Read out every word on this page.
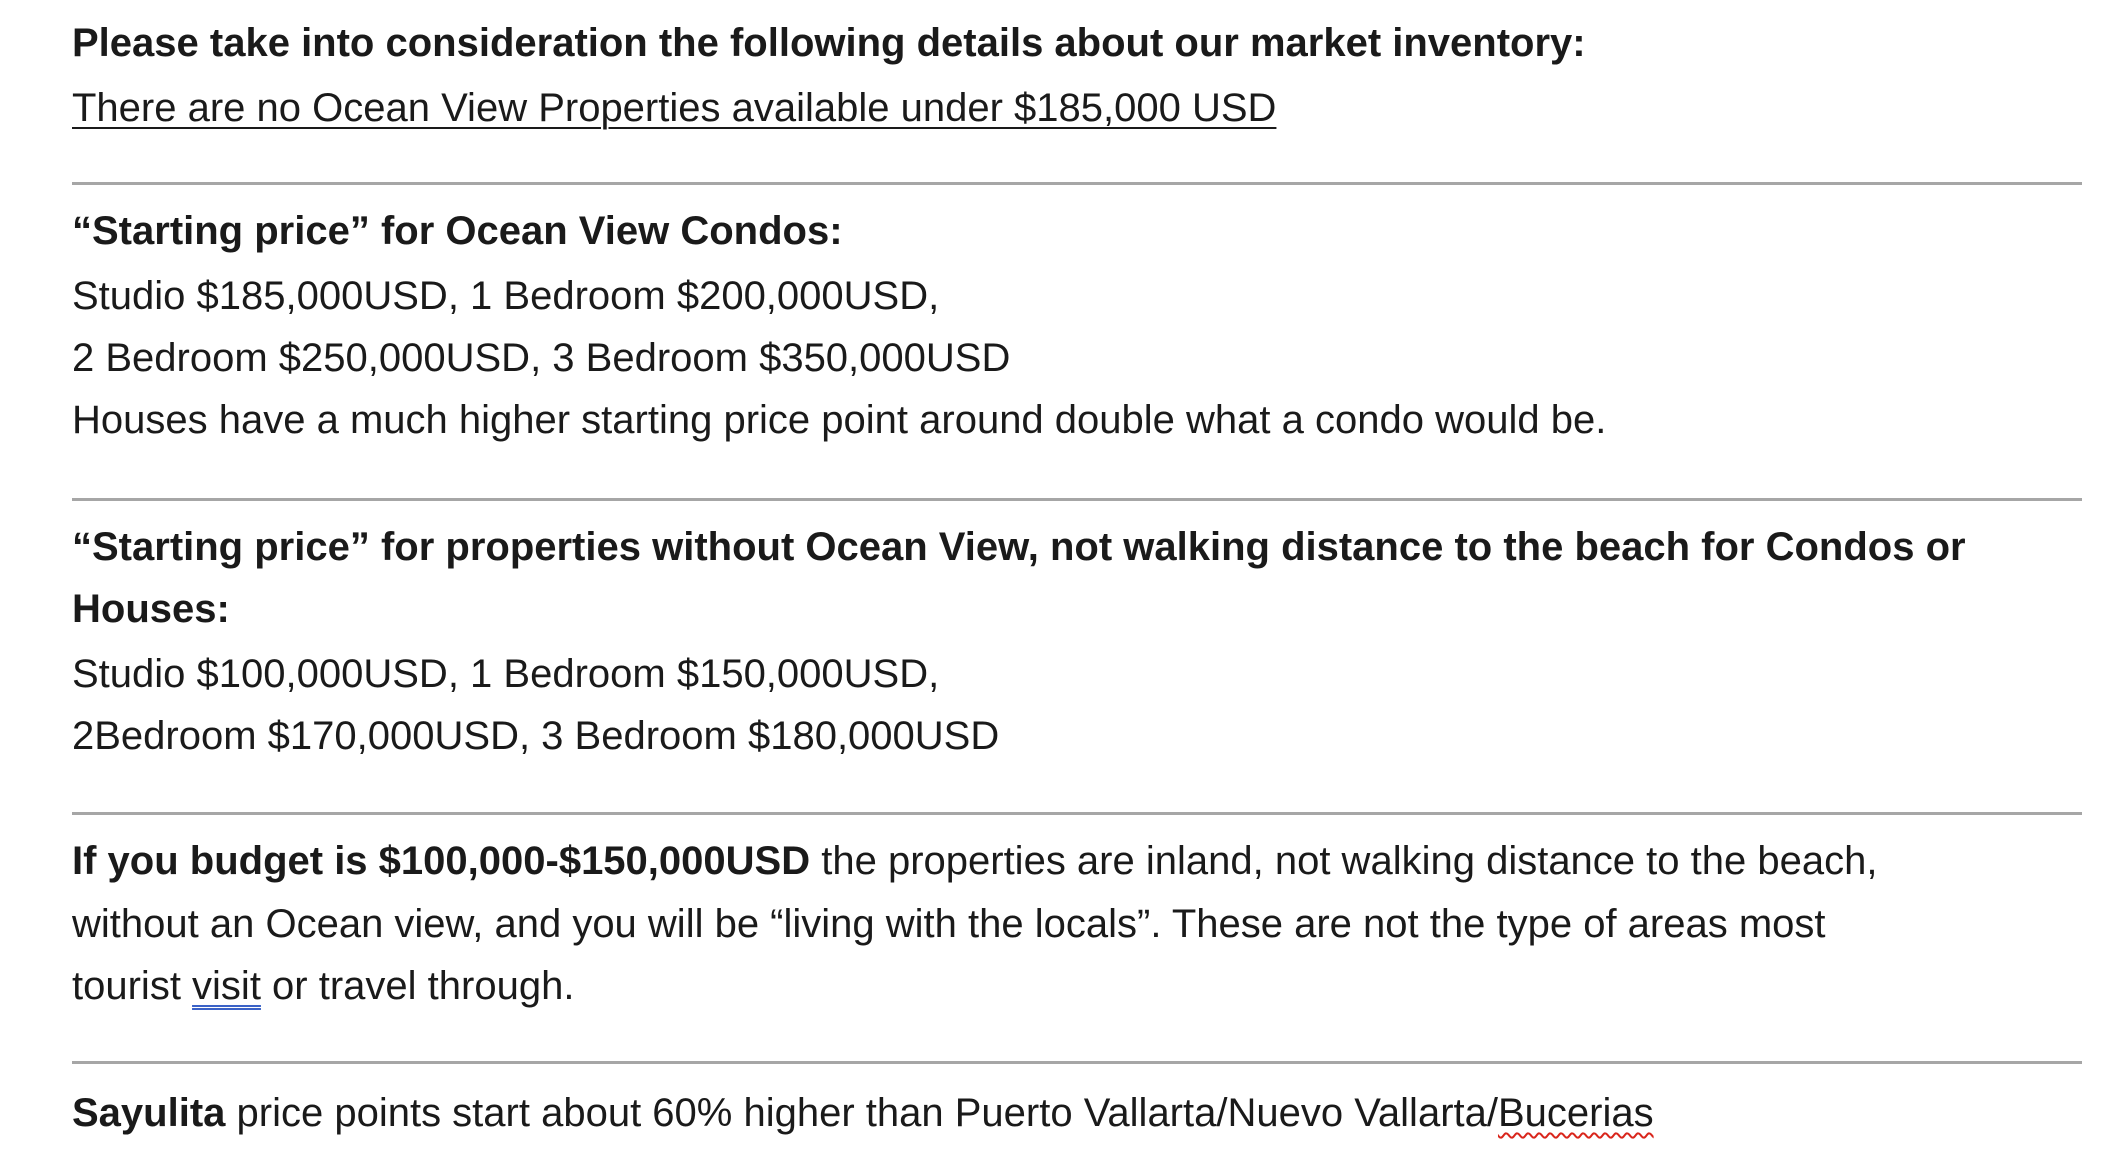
Please take into consideration the following details about our market inventory:
There are no Ocean View Properties available under $185,000 USD
“Starting price” for Ocean View Condos:
Studio $185,000USD, 1 Bedroom $200,000USD,
2 Bedroom $250,000USD, 3 Bedroom $350,000USD
Houses have a much higher starting price point around double what a condo would be.
“Starting price” for properties without Ocean View, not walking distance to the beach for Condos or
Houses:
Studio $100,000USD, 1 Bedroom $150,000USD,
2Bedroom $170,000USD, 3 Bedroom $180,000USD
If you budget is $100,000-$150,000USD the properties are inland, not walking distance to the beach,
without an Ocean view, and you will be “living with the locals”. These are not the type of areas most
tourist visit or travel through.
Sayulita price points start about 60% higher than Puerto Vallarta/Nuevo Vallarta/Bucerias
